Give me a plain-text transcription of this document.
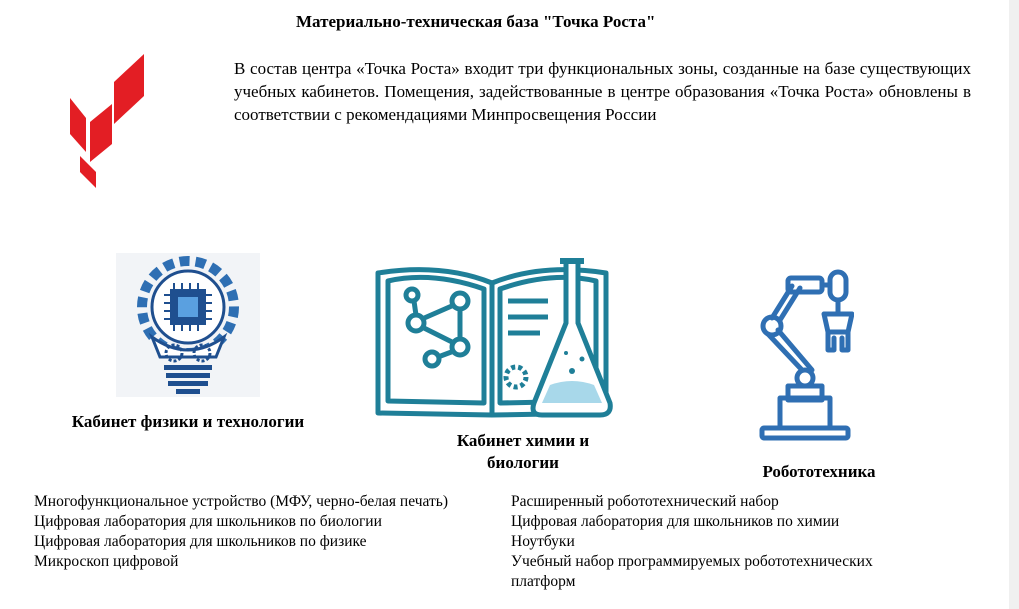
Материально-техническая база "Точка Роста"
В состав центра «Точка Роста» входит три функциональных зоны, созданные на базе существующих учебных кабинетов. Помещения, задействованные в центре образования «Точка Роста» обновлены в соответствии с рекомендациями Минпросвещения России
Кабинет физики и технологии
Кабинет химии и биологии	Робототехника
Многофункциональное устройство (МФУ, черно-белая печать)
Цифровая лаборатория для школьников по биологии
Цифровая лаборатория для школьников по физике
Микроскоп цифровой
Расширенный робототехнический набор
Цифровая лаборатория для школьников по химии
Ноутбуки
Учебный набор программируемых робототехнических платформ
